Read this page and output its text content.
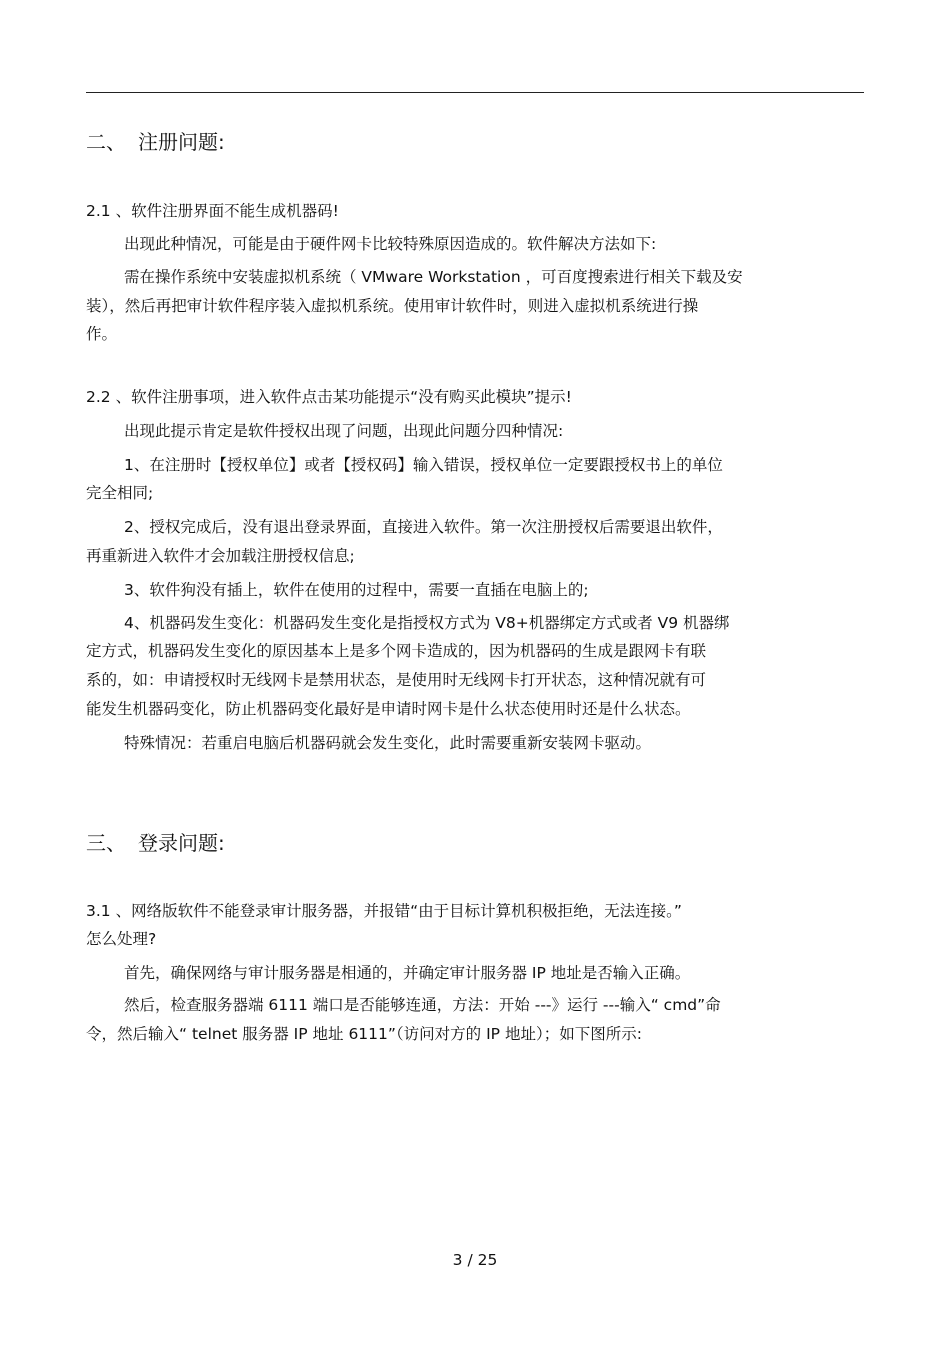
二、 注册问题:
2.1 、软件注册界面不能生成机器码!
出现此种情况，可能是由于硬件网卡比较特殊原因造成的。软件解决方法如下:
需在操作系统中安装虚拟机系统（ VMware Workstation ，可百度搜索进行相关下载及安
装），然后再把审计软件程序装入虚拟机系统。使用审计软件时，则进入虚拟机系统进行操
作。
2.2 、软件注册事项，进入软件点击某功能提示“没有购买此模块”提示!
出现此提示肯定是软件授权出现了问题，出现此问题分四种情况:
1、在注册时【授权单位】或者【授权码】输入错误，授权单位一定要跟授权书上的单位
完全相同;
2、授权完成后，没有退出登录界面，直接进入软件。第一次注册授权后需要退出软件，
再重新进入软件才会加载注册授权信息;
3、软件狗没有插上，软件在使用的过程中，需要一直插在电脑上的;
4、机器码发生变化：机器码发生变化是指授权方式为 V8+机器绑定方式或者 V9 机器绑
定方式，机器码发生变化的原因基本上是多个网卡造成的，因为机器码的生成是跟网卡有联
系的，如：申请授权时无线网卡是禁用状态，是使用时无线网卡打开状态，这种情况就有可
能发生机器码变化，防止机器码变化最好是申请时网卡是什么状态使用时还是什么状态。
特殊情况：若重启电脑后机器码就会发生变化，此时需要重新安装网卡驱动。
三、 登录问题:
3.1 、网络版软件不能登录审计服务器，并报错“由于目标计算机积极拒绝，无法连接。”
怎么处理?
首先，确保网络与审计服务器是相通的，并确定审计服务器 IP 地址是否输入正确。
然后，检查服务器端 6111 端口是否能够连通，方法：开始 ---》运行 ---输入“ cmd”命
令，然后输入“ telnet 服务器 IP 地址 6111”（访问对方的 IP 地址）；如下图所示:
3 / 25
